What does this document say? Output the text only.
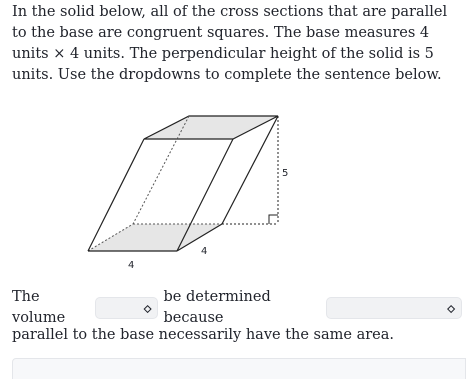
In the solid below, all of the cross sections that are parallel to the base are congruent squares. The base measures 4 units × 4 units. The perpendicular height of the solid is 5 units. Use the dropdowns to complete the sentence below.

5
4
4
The volume
⬦
be determined because
⬦
parallel to the base necessarily have the same area.
